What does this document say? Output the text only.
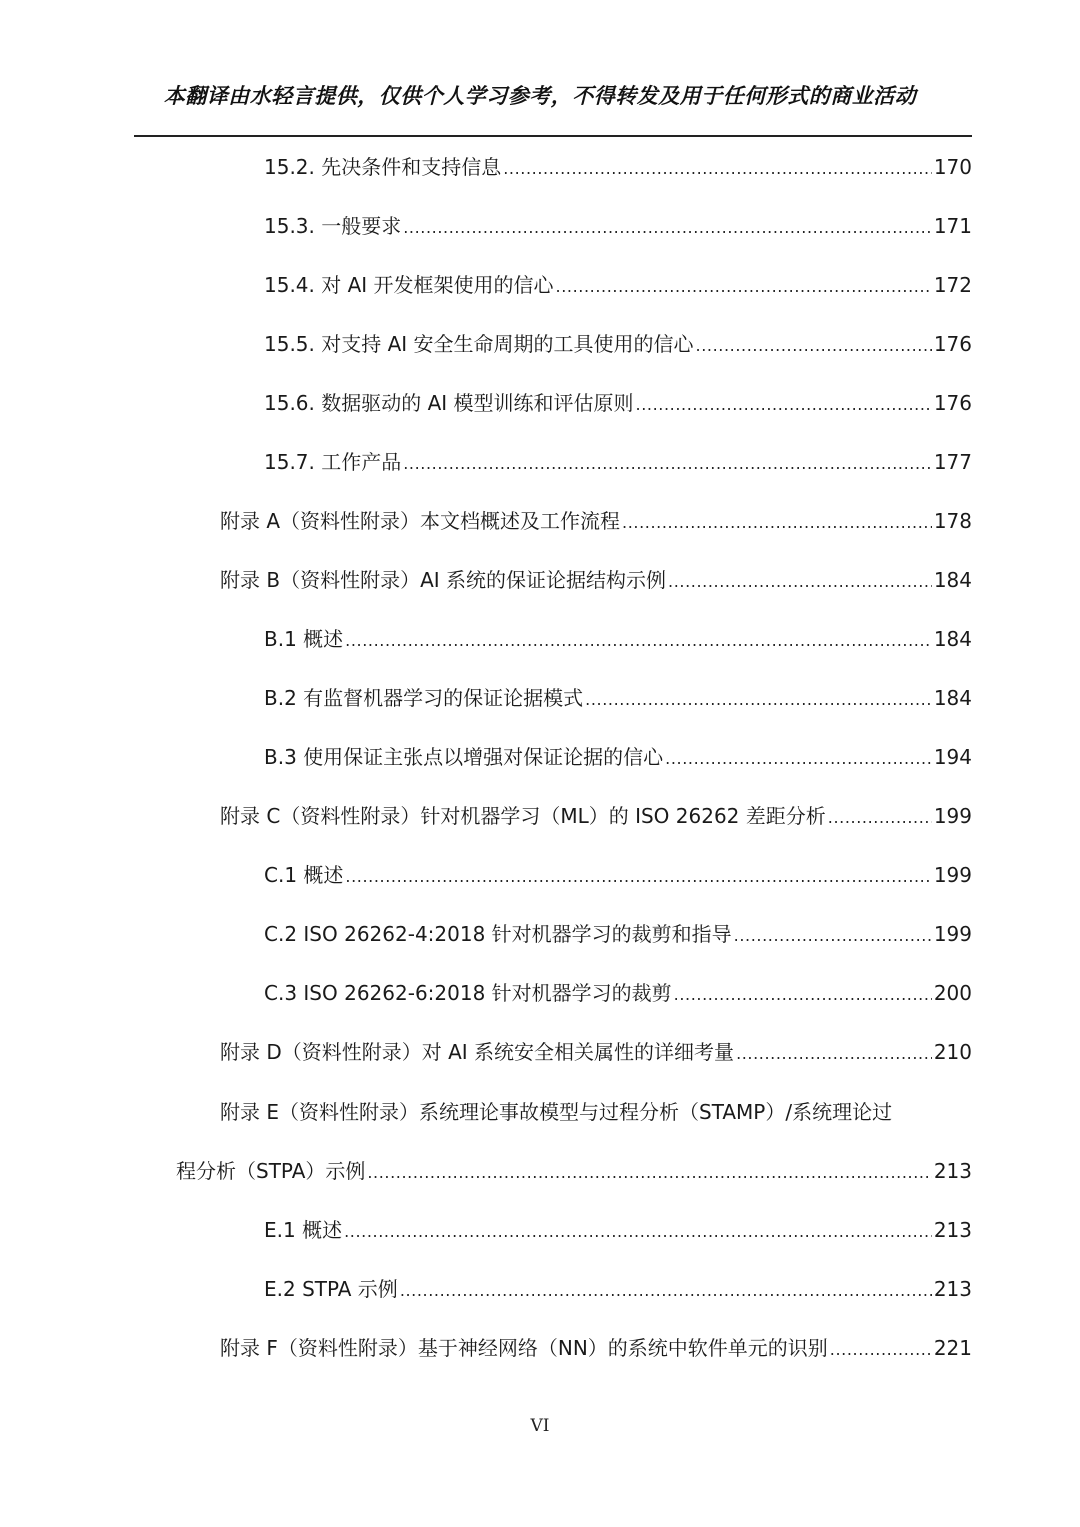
本翻译由水轻言提供，仅供个人学习参考，不得转发及用于任何形式的商业活动
15.2. 先决条件和支持信息 .....	170
15.3. 一般要求 .....	171
15.4. 对 AI 开发框架使用的信心 .....	172
15.5. 对支持 AI 安全生命周期的工具使用的信心 .....	176
15.6. 数据驱动的 AI 模型训练和评估原则 .....	176
15.7. 工作产品 .....	177
附录 A（资料性附录）本文档概述及工作流程 .....	178
附录 B（资料性附录）AI 系统的保证论据结构示例 .....	184
B.1 概述 .....	184
B.2 有监督机器学习的保证论据模式 .....	184
B.3 使用保证主张点以增强对保证论据的信心 .....	194
附录 C（资料性附录）针对机器学习（ML）的 ISO 26262 差距分析 .....	199
C.1 概述 .....	199
C.2 ISO 26262-4:2018 针对机器学习的裁剪和指导 .....	199
C.3 ISO 26262-6:2018 针对机器学习的裁剪 .....	200
附录 D（资料性附录）对 AI 系统安全相关属性的详细考量 .....	210
附录 E（资料性附录）系统理论事故模型与过程分析（STAMP）/系统理论过
程分析（STPA）示例 .....	213
E.1 概述 .....	213
E.2 STPA 示例 .....	213
附录 F（资料性附录）基于神经网络（NN）的系统中软件单元的识别 .....	221
VI
